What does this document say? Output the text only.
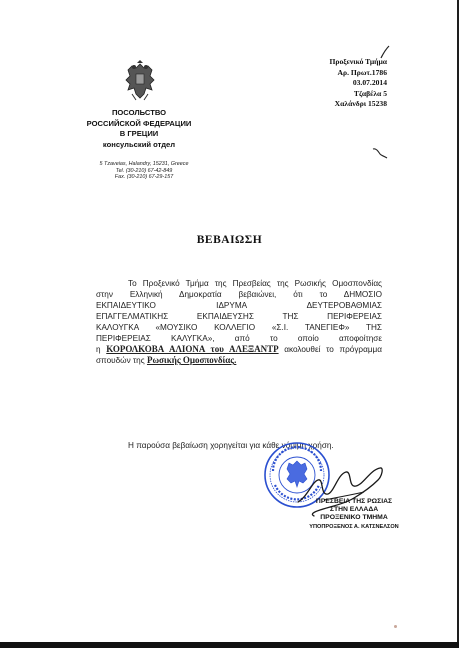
ПОСОЛЬСТВО
РОССИЙСКОЙ ФЕДЕРАЦИИ
В ГРЕЦИИ
консульский отдел
5 Tzaveias, Halandry, 15231, Greece
Tel. (30-210) 67-42-849
Fax. (30-210) 67-29-157
Προξενικό Τμήμα
Αρ. Πρωτ.1786
03.07.2014
Τζαβέλα 5
Χαλάνδρι 15238
ΒΕΒΑΙΩΣΗ
Το Προξενικό Τμήμα της Πρεσβείας της Ρωσικής Ομοσπονδίας
στην Ελληνική Δημοκρατία βεβαιώνει, ότι το ΔΗΜΟΣΙΟ
ΕΚΠΑΙΔΕΥΤΙΚΟ ΙΔΡΥΜΑ ΔΕΥΤΕΡΟΒΑΘΜΙΑΣ
ΕΠΑΓΓΕΛΜΑΤΙΚΗΣ ΕΚΠΑΙΔΕΥΣΗΣ ΤΗΣ ΠΕΡΙΦΕΡΕΙΑΣ
ΚΑΛΟΥΓΚΑ «ΜΟΥΣΙΚΟ ΚΟΛΛΕΓΙΟ «Σ.Ι. ΤΑΝΕΓΙΕΦ» ΤΗΣ
ΠΕΡΙΦΕΡΕΙΑΣ ΚΑΛΥΓΚΑ», από το οποίο αποφοίτησε
η ΚΟΡΟΛΚΟΒΑ ΑΛΙΟΝΑ του ΑΛΕΞΑΝΤΡ ακολουθεί το πρόγραμμα
σπουδών της Ρωσικής Ομοσπονδίας.
Η παρούσα βεβαίωση χορηγείται για κάθε νόμιμη χρήση.
ΠΡΕΣΒΕΙΑ ΤΗΣ ΡΩΣΙΑΣ
ΣΤΗΝ ΕΛΛΑΔΑ
ΠΡΟΞΕΝΙΚΟ ΤΜΗΜΑ
ΥΠΟΠΡΟΞΕΝΟΣ Α. ΚΑΤΣΝΕΛΣΟΝ
